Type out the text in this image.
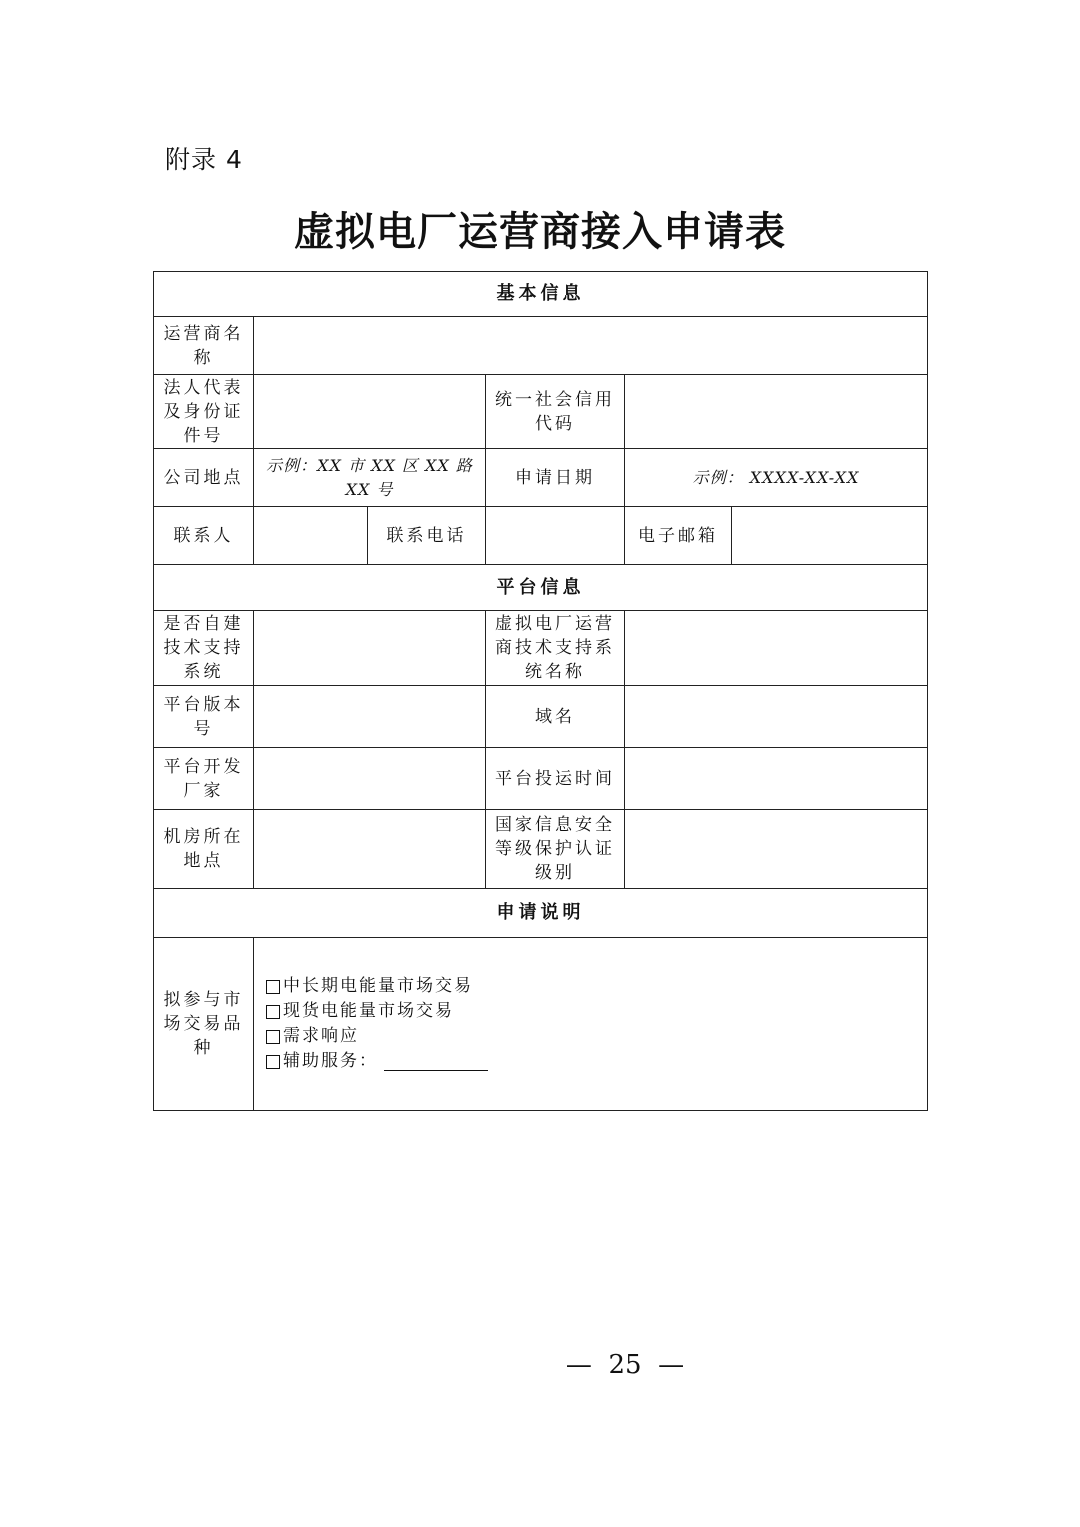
附录 4
虚拟电厂运营商接入申请表
基本信息					
运营商名称					
法人代表及身份证件号			统一社会信用代码		
公司地点	示例：XX 市 XX 区 XX 路 XX 号		申请日期	示例： XXXX-XX-XX	
联系人		联系电话		电子邮箱	
平台信息					
是否自建技术支持系统			虚拟电厂运营商技术支持系统名称		
平台版本号			域名		
平台开发厂家			平台投运时间		
机房所在地点			国家信息安全等级保护认证级别		
申请说明					
拟参与市场交易品种	中长期电能量市场交易
现货电能量市场交易
需求响应
辅助服务：				
—  25  —
